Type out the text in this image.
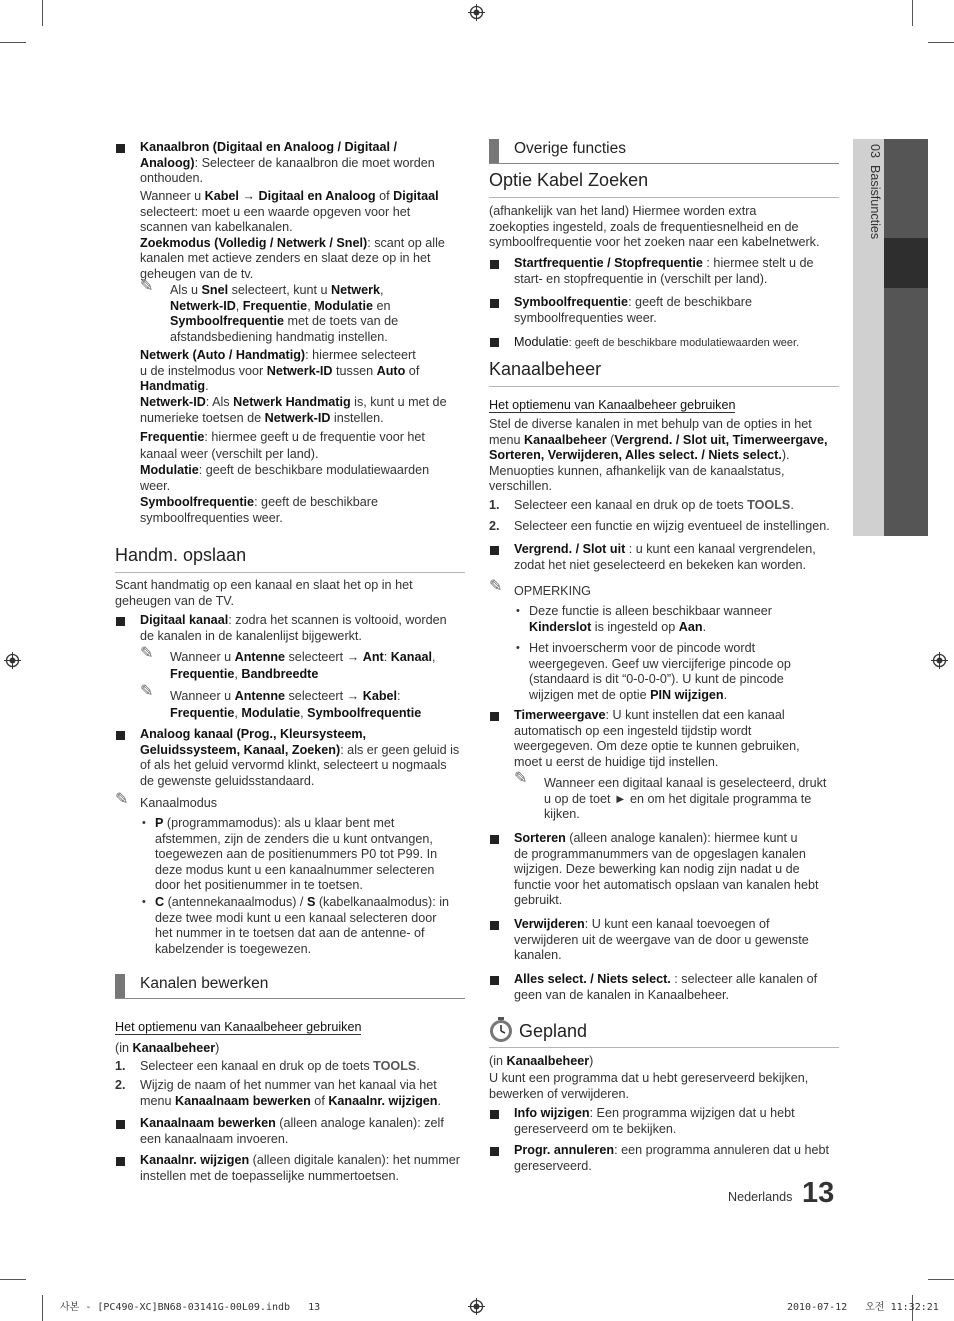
03  Basisfuncties
Kanaalbron (Digitaal en Analoog / Digitaal /
Analoog): Selecteer de kanaalbron die moet worden
onthouden.
Wanneer u Kabel → Digitaal en Analoog of Digitaal
selecteert: moet u een waarde opgeven voor het
scannen van kabelkanalen.
Zoekmodus (Volledig / Netwerk / Snel): scant op alle
kanalen met actieve zenders en slaat deze op in het
geheugen van de tv.
✎ Als u Snel selecteert, kunt u Netwerk,
Netwerk-ID, Frequentie, Modulatie en
Symboolfrequentie met de toets van de
afstandsbediening handmatig instellen.
Netwerk (Auto / Handmatig): hiermee selecteert
u de instelmodus voor Netwerk-ID tussen Auto of
Handmatig.
Netwerk-ID: Als Netwerk Handmatig is, kunt u met de
numerieke toetsen de Netwerk-ID instellen.
Frequentie: hiermee geeft u de frequentie voor het
kanaal weer (verschilt per land).
Modulatie: geeft de beschikbare modulatiewaarden
weer.
Symboolfrequentie: geeft de beschikbare
symboolfrequenties weer.
Handm. opslaan
Scant handmatig op een kanaal en slaat het op in het
geheugen van de TV.
Digitaal kanaal: zodra het scannen is voltooid, worden
de kanalen in de kanalenlijst bijgewerkt.
✎ Wanneer u Antenne selecteert → Ant: Kanaal,
Frequentie, Bandbreedte
✎ Wanneer u Antenne selecteert → Kabel:
Frequentie, Modulatie, Symboolfrequentie
Analoog kanaal (Prog., Kleursysteem,
Geluidssysteem, Kanaal, Zoeken): als er geen geluid is
of als het geluid vervormd klinkt, selecteert u nogmaals
de gewenste geluidsstandaard.
✎ Kanaalmodus
• P (programmamodus): als u klaar bent met
afstemmen, zijn de zenders die u kunt ontvangen,
toegewezen aan de positienummers P0 tot P99. In
deze modus kunt u een kanaalnummer selecteren
door het positienummer in te toetsen.
• C (antennekanaalmodus) / S (kabelkanaalmodus): in
deze twee modi kunt u een kanaal selecteren door
het nummer in te toetsen dat aan de antenne- of
kabelzender is toegewezen.
Kanalen bewerken
Het optiemenu van Kanaalbeheer gebruiken
(in Kanaalbeheer)
1. Selecteer een kanaal en druk op de toets TOOLS.
2. Wijzig de naam of het nummer van het kanaal via het
menu Kanaalnaam bewerken of Kanaalnr. wijzigen.
Kanaalnaam bewerken (alleen analoge kanalen): zelf
een kanaalnaam invoeren.
Kanaalnr. wijzigen (alleen digitale kanalen): het nummer
instellen met de toepasselijke nummertoetsen.
Overige functies
Optie Kabel Zoeken
(afhankelijk van het land) Hiermee worden extra
zoekopties ingesteld, zoals de frequentiesnelheid en de
symboolfrequentie voor het zoeken naar een kabelnetwerk.
Startfrequentie / Stopfrequentie : hiermee stelt u de
start- en stopfrequentie in (verschilt per land).
Symboolfrequentie: geeft de beschikbare
symboolfrequenties weer.
Modulatie: geeft de beschikbare modulatiewaarden weer.
Kanaalbeheer
Het optiemenu van Kanaalbeheer gebruiken
Stel de diverse kanalen in met behulp van de opties in het
menu Kanaalbeheer (Vergrend. / Slot uit, Timerweergave,
Sorteren, Verwijderen, Alles select. / Niets select.).
Menuopties kunnen, afhankelijk van de kanaalstatus,
verschillen.
1. Selecteer een kanaal en druk op de toets TOOLS.
2. Selecteer een functie en wijzig eventueel de instellingen.
Vergrend. / Slot uit : u kunt een kanaal vergrendelen,
zodat het niet geselecteerd en bekeken kan worden.
✎ OPMERKING
• Deze functie is alleen beschikbaar wanneer
Kinderslot is ingesteld op Aan.
• Het invoerscherm voor de pincode wordt
weergegeven. Geef uw viercijferige pincode op
(standaard is dit “0-0-0-0”). U kunt de pincode
wijzigen met de optie PIN wijzigen.
Timerweergave: U kunt instellen dat een kanaal
automatisch op een ingesteld tijdstip wordt
weergegeven. Om deze optie te kunnen gebruiken,
moet u eerst de huidige tijd instellen.
✎ Wanneer een digitaal kanaal is geselecteerd, drukt
u op de toet ► en om het digitale programma te
kijken.
Sorteren (alleen analoge kanalen): hiermee kunt u
de programmanummers van de opgeslagen kanalen
wijzigen. Deze bewerking kan nodig zijn nadat u de
functie voor het automatisch opslaan van kanalen hebt
gebruikt.
Verwijderen: U kunt een kanaal toevoegen of
verwijderen uit de weergave van de door u gewenste
kanalen.
Alles select. / Niets select. : selecteer alle kanalen of
geen van de kanalen in Kanaalbeheer.
Gepland
(in Kanaalbeheer)
U kunt een programma dat u hebt gereserveerd bekijken,
bewerken of verwijderen.
Info wijzigen: Een programma wijzigen dat u hebt
gereserveerd om te bekijken.
Progr. annuleren: een programma annuleren dat u hebt
gereserveerd.
Nederlands 13
사본 - [PC490-XC]BN68-03141G-00L09.indb   13	2010-07-12   오전 11:32:21
